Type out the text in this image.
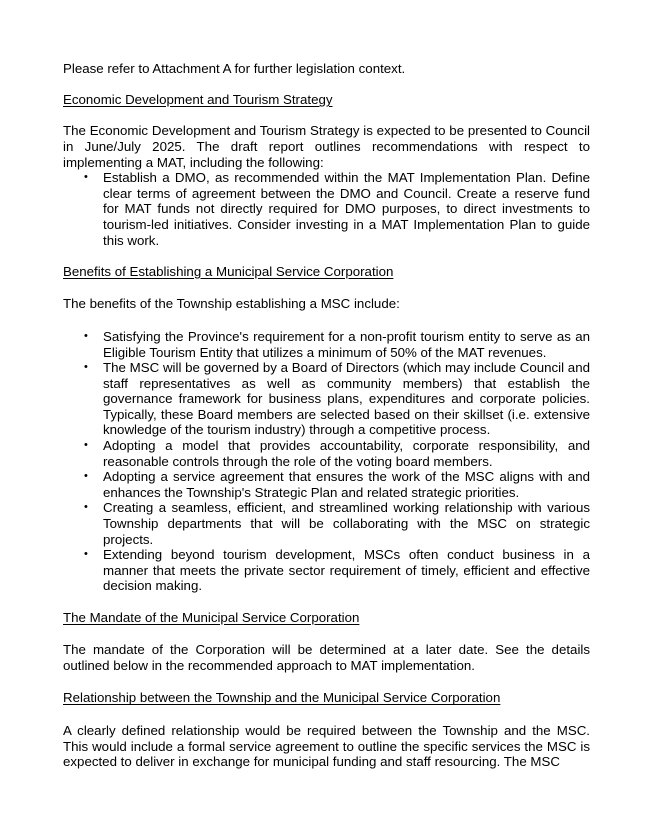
Please refer to Attachment A for further legislation context.

Economic Development and Tourism Strategy

The Economic Development and Tourism Strategy is expected to be presented to Council in June/July 2025. The draft report outlines recommendations with respect to implementing a MAT, including the following:

• Establish a DMO, as recommended within the MAT Implementation Plan. Define clear terms of agreement between the DMO and Council. Create a reserve fund for MAT funds not directly required for DMO purposes, to direct investments to tourism-led initiatives. Consider investing in a MAT Implementation Plan to guide this work.

Benefits of Establishing a Municipal Service Corporation

The benefits of the Township establishing a MSC include:

• Satisfying the Province's requirement for a non-profit tourism entity to serve as an Eligible Tourism Entity that utilizes a minimum of 50% of the MAT revenues.
• The MSC will be governed by a Board of Directors (which may include Council and staff representatives as well as community members) that establish the governance framework for business plans, expenditures and corporate policies. Typically, these Board members are selected based on their skillset (i.e. extensive knowledge of the tourism industry) through a competitive process.
• Adopting a model that provides accountability, corporate responsibility, and reasonable controls through the role of the voting board members.
• Adopting a service agreement that ensures the work of the MSC aligns with and enhances the Township's Strategic Plan and related strategic priorities.
• Creating a seamless, efficient, and streamlined working relationship with various Township departments that will be collaborating with the MSC on strategic projects.
• Extending beyond tourism development, MSCs often conduct business in a manner that meets the private sector requirement of timely, efficient and effective decision making.

The Mandate of the Municipal Service Corporation

The mandate of the Corporation will be determined at a later date. See the details outlined below in the recommended approach to MAT implementation.

Relationship between the Township and the Municipal Service Corporation

A clearly defined relationship would be required between the Township and the MSC. This would include a formal service agreement to outline the specific services the MSC is expected to deliver in exchange for municipal funding and staff resourcing. The MSC
